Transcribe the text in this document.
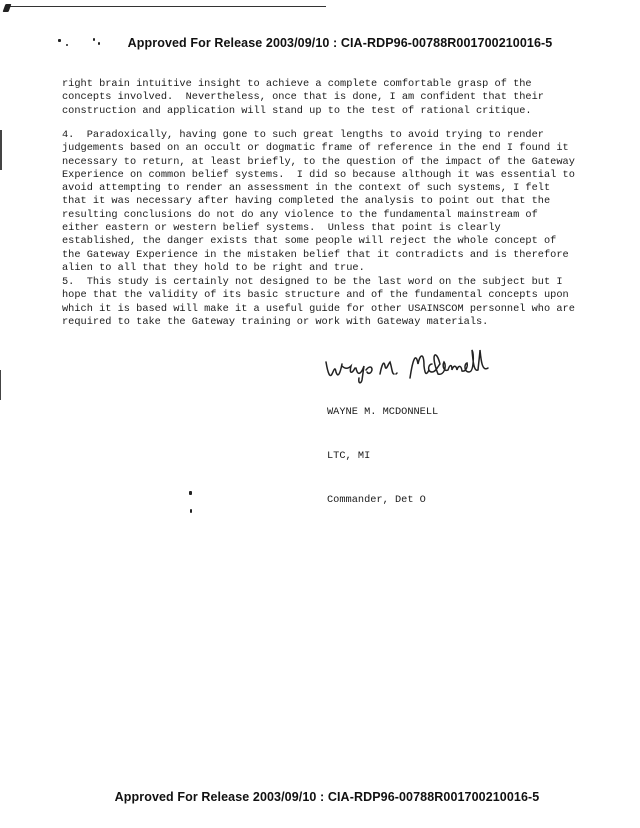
Approved For Release 2003/09/10 : CIA-RDP96-00788R001700210016-5
right brain intuitive insight to achieve a complete comfortable grasp of the
concepts involved.  Nevertheless, once that is done, I am confident that their
construction and application will stand up to the test of rational critique.
4.  Paradoxically, having gone to such great lengths to avoid trying to render
judgements based on an occult or dogmatic frame of reference in the end I found it
necessary to return, at least briefly, to the question of the impact of the Gateway
Experience on common belief systems.  I did so because although it was essential to
avoid attempting to render an assessment in the context of such systems, I felt
that it was necessary after having completed the analysis to point out that the
resulting conclusions do not do any violence to the fundamental mainstream of
either eastern or western belief systems.  Unless that point is clearly
established, the danger exists that some people will reject the whole concept of
the Gateway Experience in the mistaken belief that it contradicts and is therefore
alien to all that they hold to be right and true.
5.  This study is certainly not designed to be the last word on the subject but I
hope that the validity of its basic structure and of the fundamental concepts upon
which it is based will make it a useful guide for other USAINSCOM personnel who are
required to take the Gateway training or work with Gateway materials.

WAYNE M. MCDONNELL

LTC, MI

Commander, Det O

Approved For Release 2003/09/10 : CIA-RDP96-00788R001700210016-5
